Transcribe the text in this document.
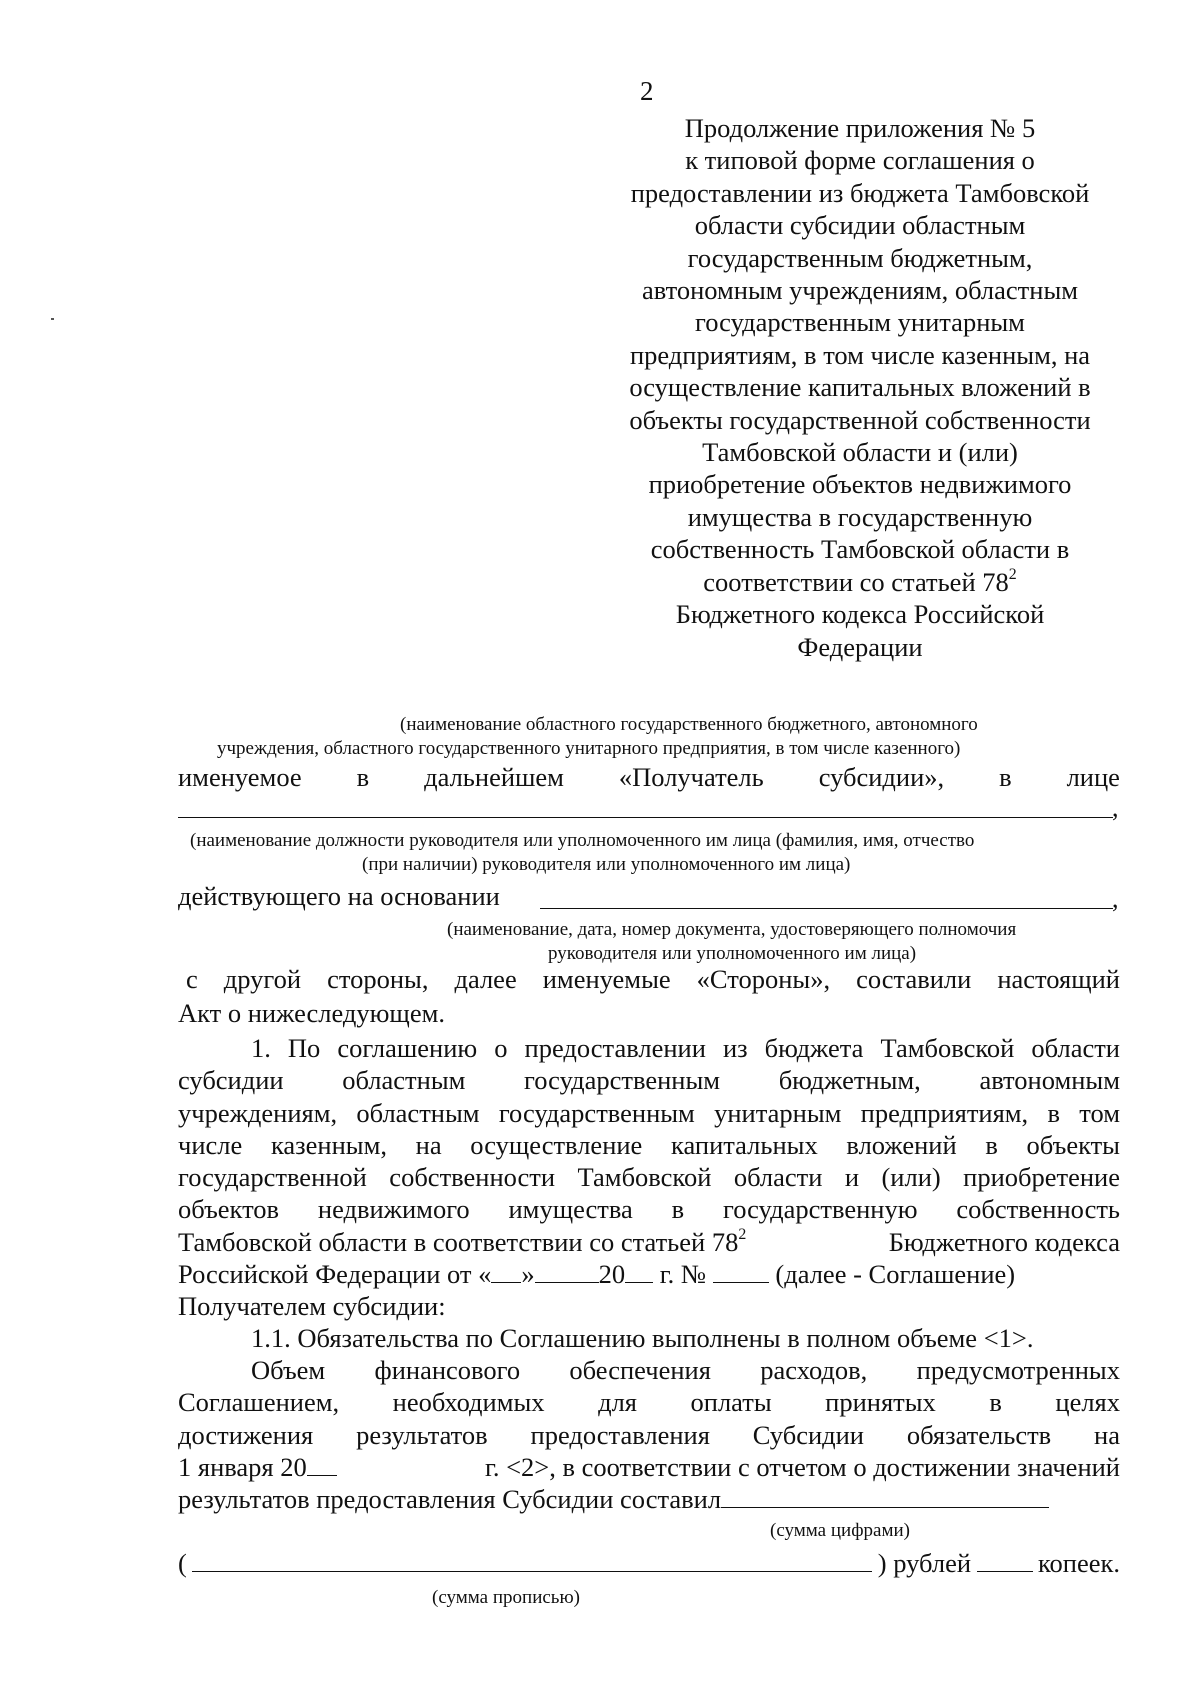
2
Продолжение приложения № 5
к типовой форме соглашения о
предоставлении из бюджета Тамбовской
области субсидии областным
государственным бюджетным,
автономным учреждениям, областным
государственным унитарным
предприятиям, в том числе казенным, на
осуществление капитальных вложений в
объекты государственной собственности
Тамбовской области и (или)
приобретение объектов недвижимого
имущества в государственную
собственность Тамбовской области в
соответствии со статьей $78^2$
Бюджетного кодекса Российской
Федерации
(наименование областного государственного бюджетного, автономного
учреждения, областного государственного унитарного предприятия, в том числе казенного)
именуемое в дальнейшем «Получатель субсидии», в лице
,
(наименование должности руководителя или уполномоченного им лица (фамилия, имя, отчество
(при наличии) руководителя или уполномоченного им лица)
действующего на основании	,
(наименование, дата, номер документа, удостоверяющего полномочия
руководителя или уполномоченного им лица)
с другой стороны, далее именуемые «Стороны», составили настоящий
Акт о нижеследующем.
1. По соглашению о предоставлении из бюджета Тамбовской области
субсидии областным государственным бюджетным, автономным
учреждениям, областным государственным унитарным предприятиям, в том
числе казенным, на осуществление капитальных вложений в объекты
государственной собственности Тамбовской области и (или) приобретение
объектов недвижимого имущества в государственную собственность
Тамбовской области в соответствии со статьей $78^2$	Бюджетного кодекса
Российской Федерации от « » 20 г. №  (далее - Соглашение)
Получателем субсидии:
1.1. Обязательства по Соглашению выполнены в полном объеме <1>.
Объем финансового обеспечения расходов, предусмотренных
Соглашением, необходимых для оплаты принятых в целях
достижения результатов предоставления Субсидии обязательств на
1 января 20	г. <2>, в соответствии с отчетом о достижении значений
результатов предоставления Субсидии составил
(сумма цифрами)
(	) рублей	копеек.
(сумма прописью)
